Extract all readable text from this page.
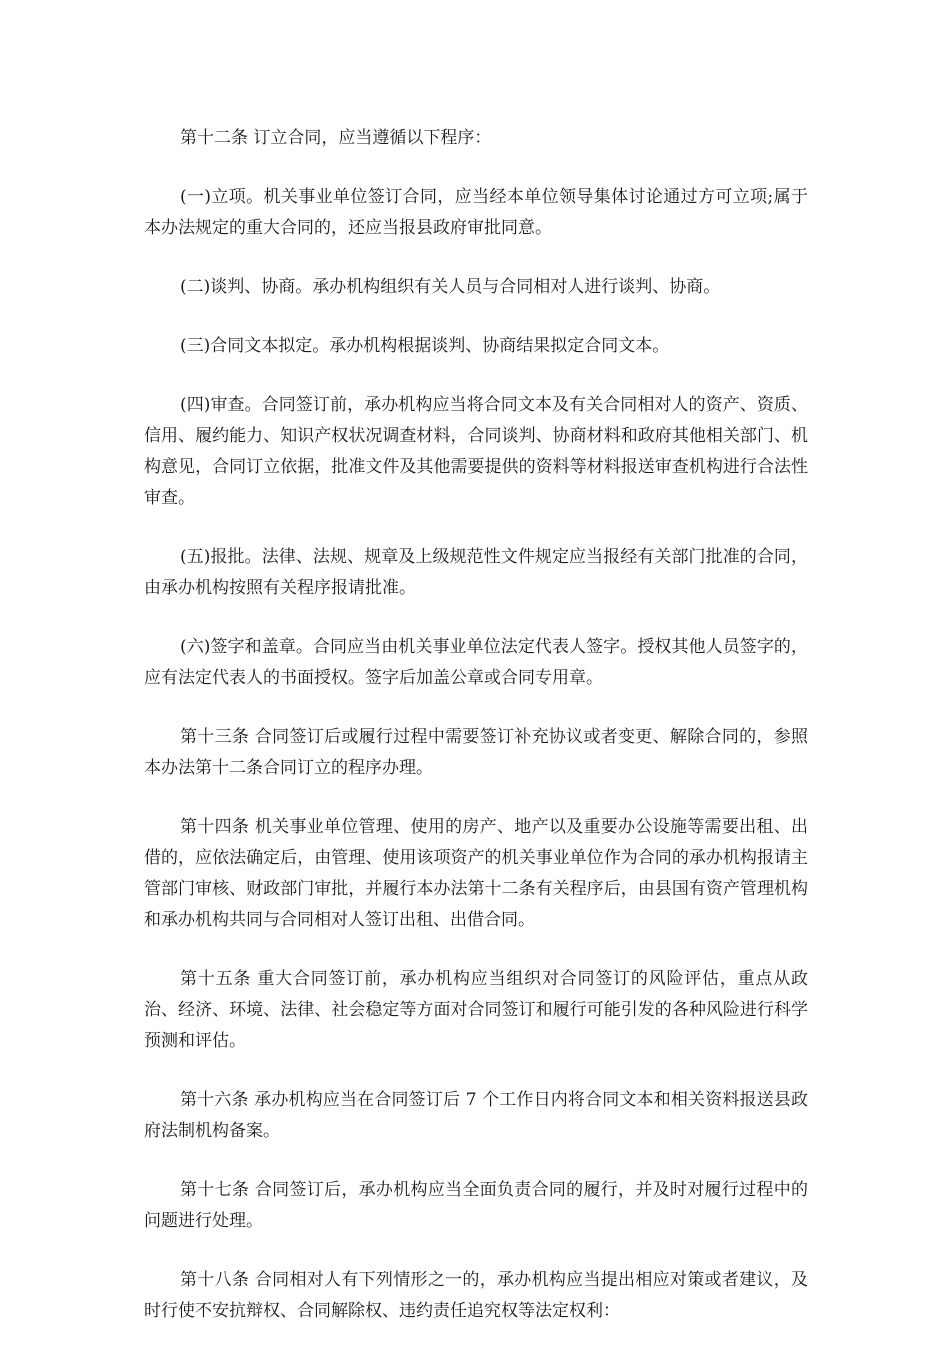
第十二条 订立合同，应当遵循以下程序：

(一)立项。机关事业单位签订合同，应当经本单位领导集体讨论通过方可立项;属于本办法规定的重大合同的，还应当报县政府审批同意。

(二)谈判、协商。承办机构组织有关人员与合同相对人进行谈判、协商。

(三)合同文本拟定。承办机构根据谈判、协商结果拟定合同文本。

(四)审查。合同签订前，承办机构应当将合同文本及有关合同相对人的资产、资质、信用、履约能力、知识产权状况调查材料，合同谈判、协商材料和政府其他相关部门、机构意见，合同订立依据，批准文件及其他需要提供的资料等材料报送审查机构进行合法性审查。

(五)报批。法律、法规、规章及上级规范性文件规定应当报经有关部门批准的合同，由承办机构按照有关程序报请批准。

(六)签字和盖章。合同应当由机关事业单位法定代表人签字。授权其他人员签字的，应有法定代表人的书面授权。签字后加盖公章或合同专用章。

第十三条 合同签订后或履行过程中需要签订补充协议或者变更、解除合同的，参照本办法第十二条合同订立的程序办理。

第十四条 机关事业单位管理、使用的房产、地产以及重要办公设施等需要出租、出借的，应依法确定后，由管理、使用该项资产的机关事业单位作为合同的承办机构报请主管部门审核、财政部门审批，并履行本办法第十二条有关程序后，由县国有资产管理机构和承办机构共同与合同相对人签订出租、出借合同。

第十五条 重大合同签订前，承办机构应当组织对合同签订的风险评估，重点从政治、经济、环境、法律、社会稳定等方面对合同签订和履行可能引发的各种风险进行科学预测和评估。

第十六条 承办机构应当在合同签订后 7 个工作日内将合同文本和相关资料报送县政府法制机构备案。

第十七条 合同签订后，承办机构应当全面负责合同的履行，并及时对履行过程中的问题进行处理。

第十八条 合同相对人有下列情形之一的，承办机构应当提出相应对策或者建议，及时行使不安抗辩权、合同解除权、违约责任追究权等法定权利：
